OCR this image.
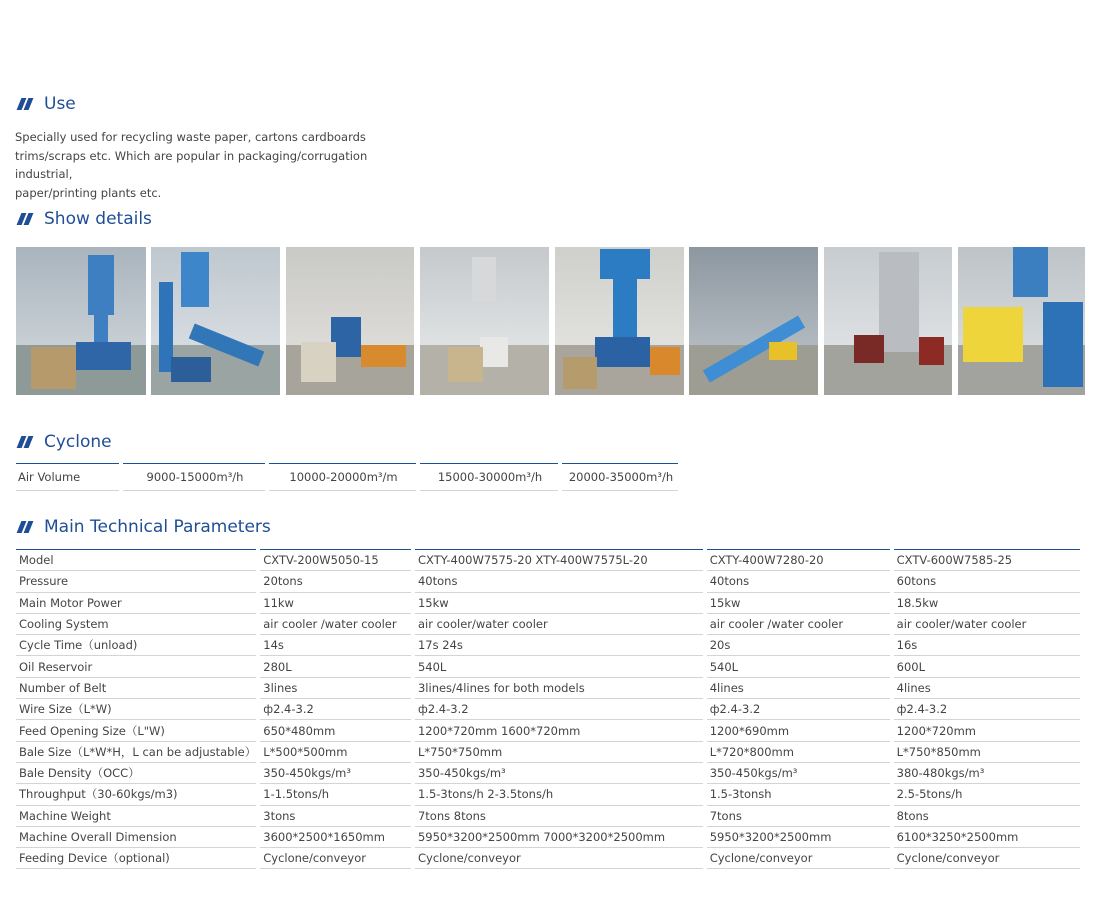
Use
Specially used for recycling waste paper, cartons cardboards
trims/scraps etc. Which are popular in packaging/corrugation industrial,
paper/printing plants etc.
Show details
Cyclone
Air Volume	9000-15000m³/h	10000-20000m³/m	15000-30000m³/h	20000-35000m³/h
Main Technical Parameters
Model	CXTV-200W5050-15	CXTY-400W7575-20 XTY-400W7575L-20	CXTY-400W7280-20	CXTV-600W7585-25
Pressure	20tons	40tons	40tons	60tons
Main Motor Power	11kw	15kw	15kw	18.5kw
Cooling System	air cooler /water cooler	air cooler/water cooler	air cooler /water cooler	air cooler/water cooler
Cycle Time（unload)	14s	17s 24s	20s	16s
Oil Reservoir	280L	540L	540L	600L
Number of Belt	3lines	3lines/4lines for both models	4lines	4lines
Wire Size（L*W)	ф2.4-3.2	ф2.4-3.2	ф2.4-3.2	ф2.4-3.2
Feed Opening Size（L"W)	650*480mm	1200*720mm 1600*720mm	1200*690mm	1200*720mm
Bale Size（L*W*H，L can be adjustable）	L*500*500mm	L*750*750mm	L*720*800mm	L*750*850mm
Bale Density（OCC）	350-450kgs/m³	350-450kgs/m³	350-450kgs/m³	380-480kgs/m³
Throughput（30-60kgs/m3)	1-1.5tons/h	1.5-3tons/h 2-3.5tons/h	1.5-3tonsh	2.5-5tons/h
Machine Weight	3tons	7tons 8tons	7tons	8tons
Machine Overall Dimension	3600*2500*1650mm	5950*3200*2500mm 7000*3200*2500mm	5950*3200*2500mm	6100*3250*2500mm
Feeding Device（optional)	Cyclone/conveyor	Cyclone/conveyor	Cyclone/conveyor	Cyclone/conveyor
